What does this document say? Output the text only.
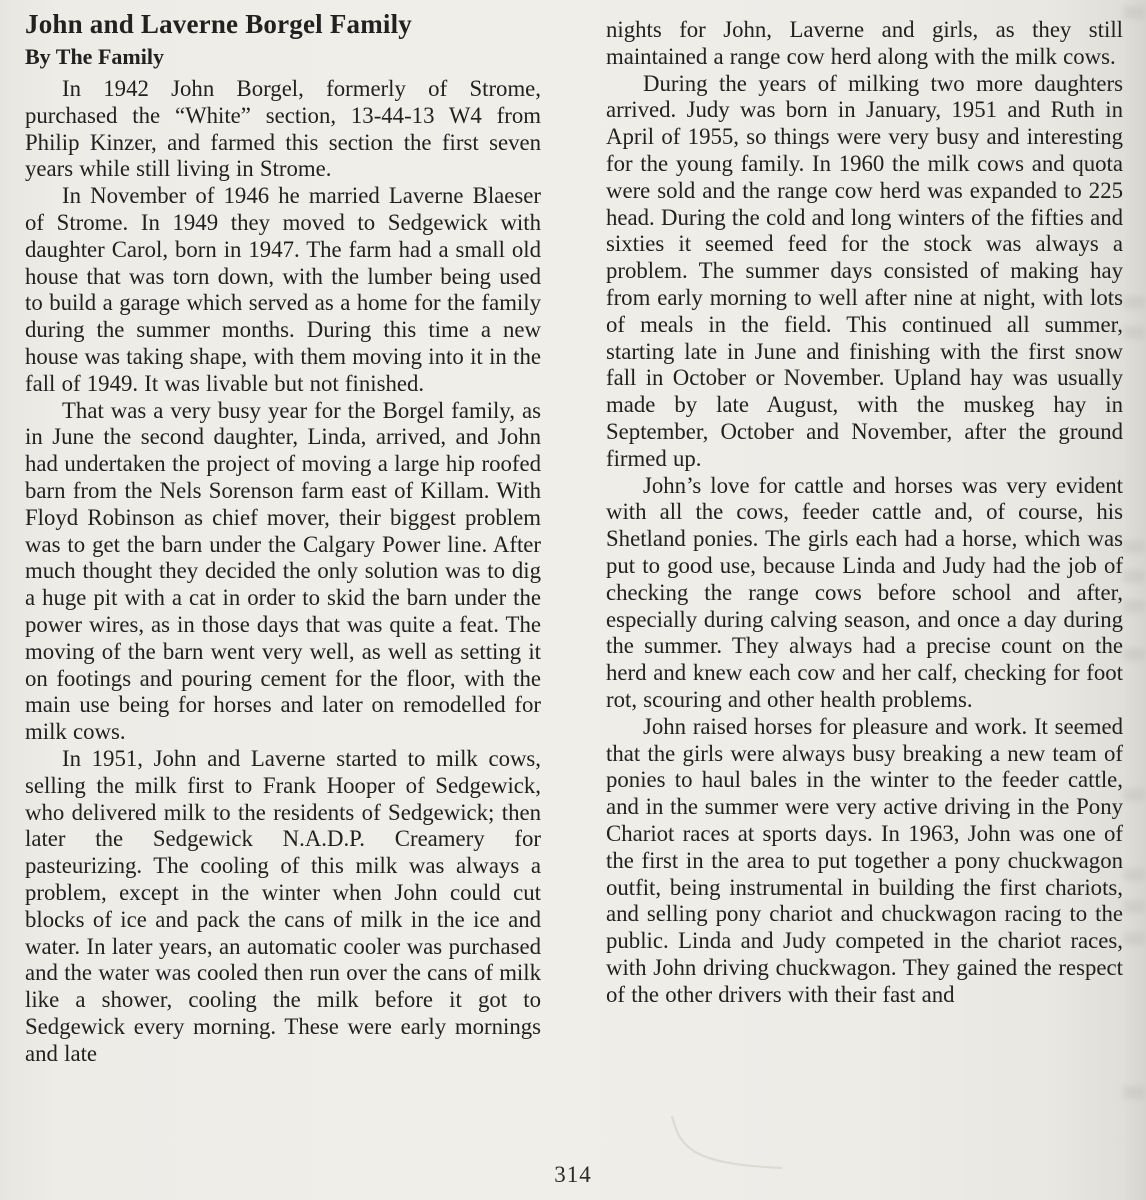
John and Laverne Borgel Family
By The Family

In 1942 John Borgel, formerly of Strome, purchased the “White” section, 13-44-13 W4 from Philip Kinzer, and farmed this section the first seven years while still living in Strome.

In November of 1946 he married Laverne Blaeser of Strome. In 1949 they moved to Sedgewick with daughter Carol, born in 1947. The farm had a small old house that was torn down, with the lumber being used to build a garage which served as a home for the family during the summer months. During this time a new house was taking shape, with them moving into it in the fall of 1949. It was livable but not finished.

That was a very busy year for the Borgel family, as in June the second daughter, Linda, arrived, and John had undertaken the project of moving a large hip roofed barn from the Nels Sorenson farm east of Killam. With Floyd Robinson as chief mover, their biggest problem was to get the barn under the Calgary Power line. After much thought they decided the only solution was to dig a huge pit with a cat in order to skid the barn under the power wires, as in those days that was quite a feat. The moving of the barn went very well, as well as setting it on footings and pouring cement for the floor, with the main use being for horses and later on remodelled for milk cows.

In 1951, John and Laverne started to milk cows, selling the milk first to Frank Hooper of Sedgewick, who delivered milk to the residents of Sedgewick; then later the Sedgewick N.A.D.P. Creamery for pasteurizing. The cooling of this milk was always a problem, except in the winter when John could cut blocks of ice and pack the cans of milk in the ice and water. In later years, an automatic cooler was purchased and the water was cooled then run over the cans of milk like a shower, cooling the milk before it got to Sedgewick every morning. These were early mornings and late

nights for John, Laverne and girls, as they still maintained a range cow herd along with the milk cows.

During the years of milking two more daughters arrived. Judy was born in January, 1951 and Ruth in April of 1955, so things were very busy and interesting for the young family. In 1960 the milk cows and quota were sold and the range cow herd was expanded to 225 head. During the cold and long winters of the fifties and sixties it seemed feed for the stock was always a problem. The summer days consisted of making hay from early morning to well after nine at night, with lots of meals in the field. This continued all summer, starting late in June and finishing with the first snow fall in October or November. Upland hay was usually made by late August, with the muskeg hay in September, October and November, after the ground firmed up.

John’s love for cattle and horses was very evident with all the cows, feeder cattle and, of course, his Shetland ponies. The girls each had a horse, which was put to good use, because Linda and Judy had the job of checking the range cows before school and after, especially during calving season, and once a day during the summer. They always had a precise count on the herd and knew each cow and her calf, checking for foot rot, scouring and other health problems.

John raised horses for pleasure and work. It seemed that the girls were always busy breaking a new team of ponies to haul bales in the winter to the feeder cattle, and in the summer were very active driving in the Pony Chariot races at sports days. In 1963, John was one of the first in the area to put together a pony chuckwagon outfit, being instrumental in building the first chariots, and selling pony chariot and chuckwagon racing to the public. Linda and Judy competed in the chariot races, with John driving chuckwagon. They gained the respect of the other drivers with their fast and

314
